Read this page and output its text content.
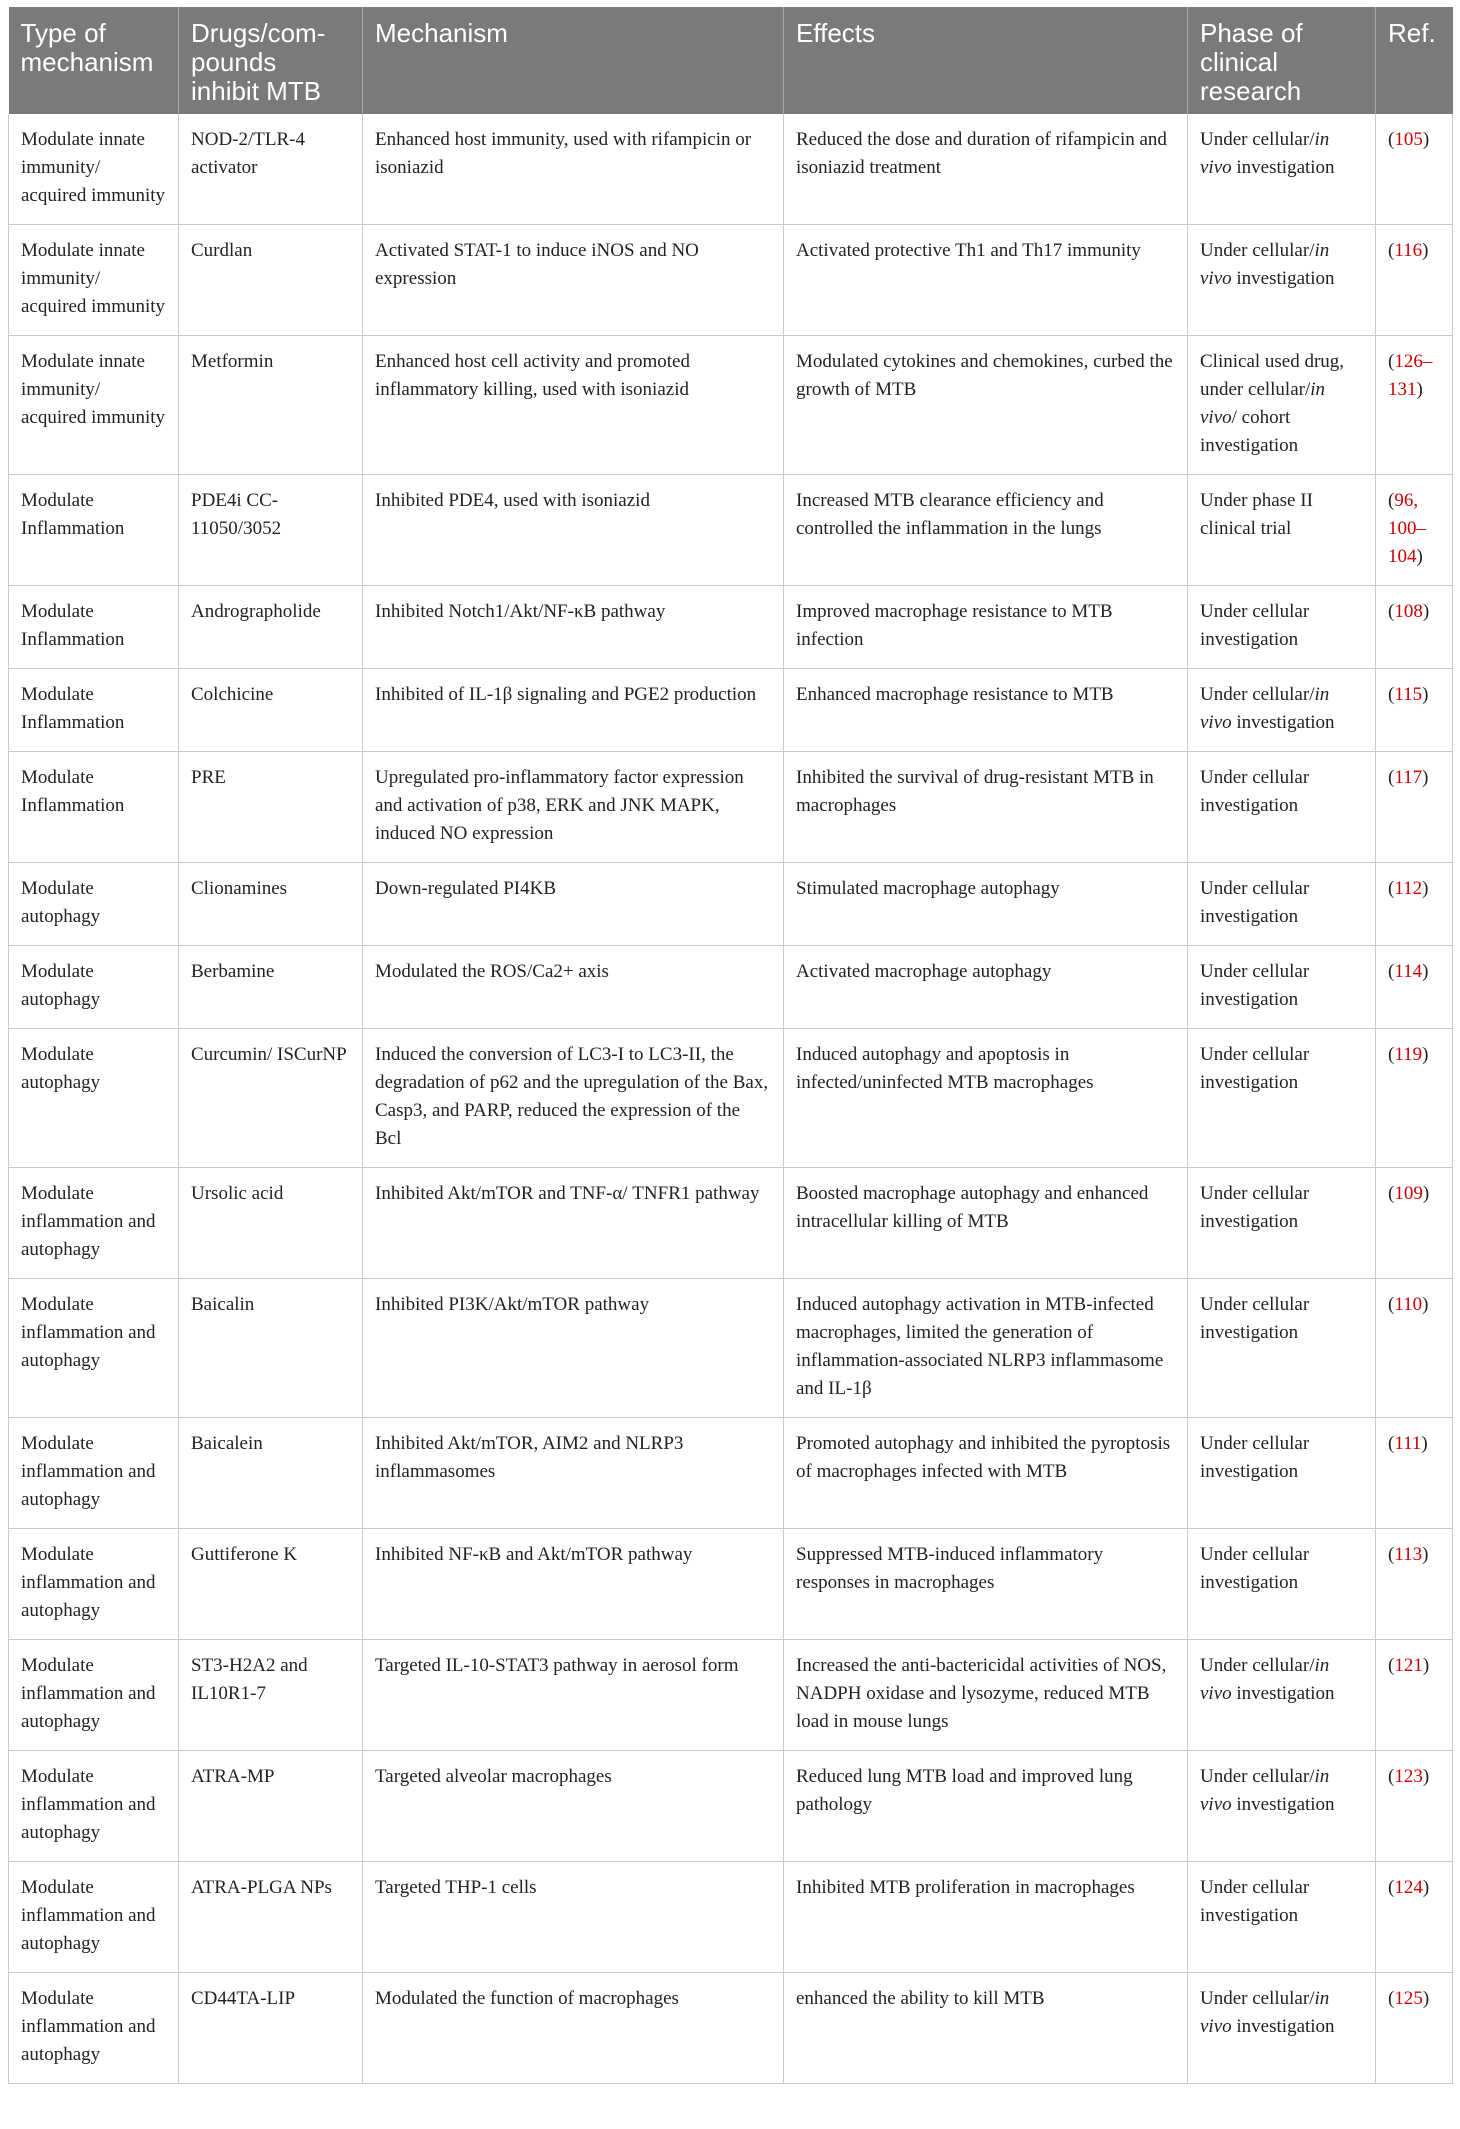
Type of mechanism	Drugs/com-pounds inhibit MTB	Mechanism	Effects	Phase of clinical research	Ref.
Modulate innate immunity/ acquired immunity	NOD-2/TLR-4 activator	Enhanced host immunity, used with rifampicin or isoniazid	Reduced the dose and duration of rifampicin and isoniazid treatment	Under cellular/in vivo investigation	(105)
Modulate innate immunity/ acquired immunity	Curdlan	Activated STAT-1 to induce iNOS and NO expression	Activated protective Th1 and Th17 immunity	Under cellular/in vivo investigation	(116)
Modulate innate immunity/ acquired immunity	Metformin	Enhanced host cell activity and promoted inflammatory killing, used with isoniazid	Modulated cytokines and chemokines, curbed the growth of MTB	Clinical used drug, under cellular/in vivo/ cohort investigation	(126–131)
Modulate Inflammation	PDE4i CC-11050/3052	Inhibited PDE4, used with isoniazid	Increased MTB clearance efficiency and controlled the inflammation in the lungs	Under phase II clinical trial	(96, 100–104)
Modulate Inflammation	Andrographolide	Inhibited Notch1/Akt/NF-κB pathway	Improved macrophage resistance to MTB infection	Under cellular investigation	(108)
Modulate Inflammation	Colchicine	Inhibited of IL-1β signaling and PGE2 production	Enhanced macrophage resistance to MTB	Under cellular/in vivo investigation	(115)
Modulate Inflammation	PRE	Upregulated pro-inflammatory factor expression and activation of p38, ERK and JNK MAPK, induced NO expression	Inhibited the survival of drug-resistant MTB in macrophages	Under cellular investigation	(117)
Modulate autophagy	Clionamines	Down-regulated PI4KB	Stimulated macrophage autophagy	Under cellular investigation	(112)
Modulate autophagy	Berbamine	Modulated the ROS/Ca2+ axis	Activated macrophage autophagy	Under cellular investigation	(114)
Modulate autophagy	Curcumin/ ISCurNP	Induced the conversion of LC3-I to LC3-II, the degradation of p62 and the upregulation of the Bax, Casp3, and PARP, reduced the expression of the Bcl	Induced autophagy and apoptosis in infected/uninfected MTB macrophages	Under cellular investigation	(119)
Modulate inflammation and autophagy	Ursolic acid	Inhibited Akt/mTOR and TNF-α/ TNFR1 pathway	Boosted macrophage autophagy and enhanced intracellular killing of MTB	Under cellular investigation	(109)
Modulate inflammation and autophagy	Baicalin	Inhibited PI3K/Akt/mTOR pathway	Induced autophagy activation in MTB-infected macrophages, limited the generation of inflammation-associated NLRP3 inflammasome and IL-1β	Under cellular investigation	(110)
Modulate inflammation and autophagy	Baicalein	Inhibited Akt/mTOR, AIM2 and NLRP3 inflammasomes	Promoted autophagy and inhibited the pyroptosis of macrophages infected with MTB	Under cellular investigation	(111)
Modulate inflammation and autophagy	Guttiferone K	Inhibited NF-κB and Akt/mTOR pathway	Suppressed MTB-induced inflammatory responses in macrophages	Under cellular investigation	(113)
Modulate inflammation and autophagy	ST3-H2A2 and IL10R1-7	Targeted IL-10-STAT3 pathway in aerosol form	Increased the anti-bactericidal activities of NOS, NADPH oxidase and lysozyme, reduced MTB load in mouse lungs	Under cellular/in vivo investigation	(121)
Modulate inflammation and autophagy	ATRA-MP	Targeted alveolar macrophages	Reduced lung MTB load and improved lung pathology	Under cellular/in vivo investigation	(123)
Modulate inflammation and autophagy	ATRA-PLGA NPs	Targeted THP-1 cells	Inhibited MTB proliferation in macrophages	Under cellular investigation	(124)
Modulate inflammation and autophagy	CD44TA-LIP	Modulated the function of macrophages	enhanced the ability to kill MTB	Under cellular/in vivo investigation	(125)
